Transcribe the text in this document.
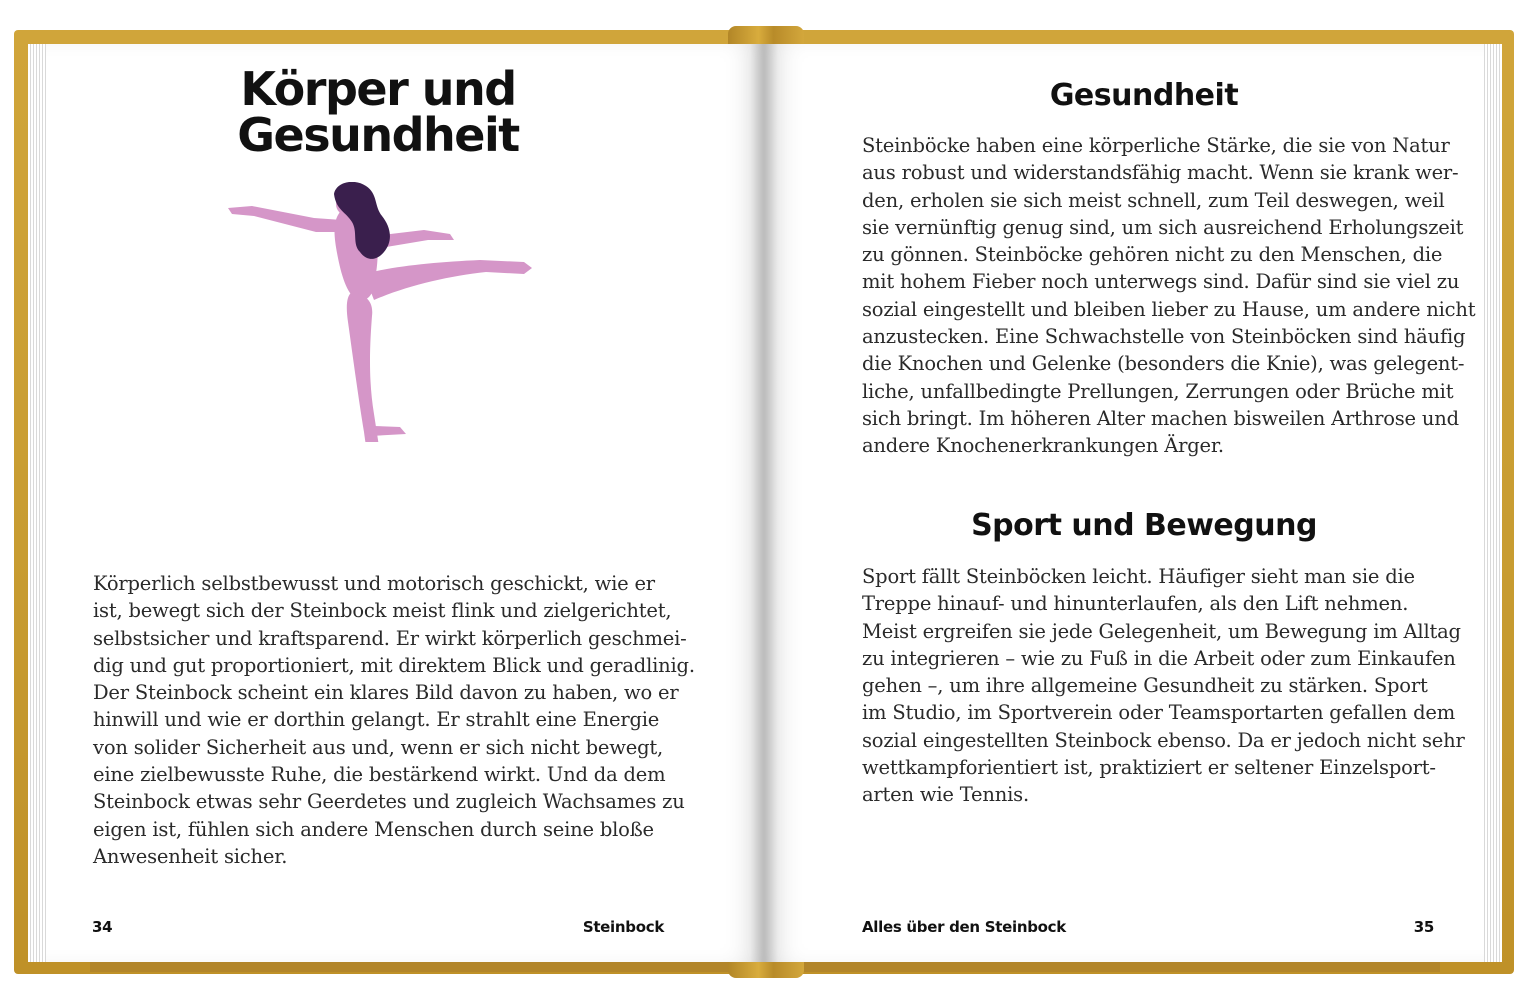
Körper und
Gesundheit

Körperlich selbstbewusst und motorisch geschickt, wie er
ist, bewegt sich der Steinbock meist flink und zielgerichtet,
selbstsicher und kraftsparend. Er wirkt körperlich geschmei-
dig und gut proportioniert, mit direktem Blick und geradlinig.
Der Steinbock scheint ein klares Bild davon zu haben, wo er
hinwill und wie er dorthin gelangt. Er strahlt eine Energie
von solider Sicherheit aus und, wenn er sich nicht bewegt,
eine zielbewusste Ruhe, die bestärkend wirkt. Und da dem
Steinbock etwas sehr Geerdetes und zugleich Wachsames zu
eigen ist, fühlen sich andere Menschen durch seine bloße
Anwesenheit sicher.

34	Steinbock
Gesundheit

Steinböcke haben eine körperliche Stärke, die sie von Natur
aus robust und widerstandsfähig macht. Wenn sie krank wer-
den, erholen sie sich meist schnell, zum Teil deswegen, weil
sie vernünftig genug sind, um sich ausreichend Erholungszeit
zu gönnen. Steinböcke gehören nicht zu den Menschen, die
mit hohem Fieber noch unterwegs sind. Dafür sind sie viel zu
sozial eingestellt und bleiben lieber zu Hause, um andere nicht
anzustecken. Eine Schwachstelle von Steinböcken sind häufig
die Knochen und Gelenke (besonders die Knie), was gelegent-
liche, unfallbedingte Prellungen, Zerrungen oder Brüche mit
sich bringt. Im höheren Alter machen bisweilen Arthrose und
andere Knochenerkrankungen Ärger.

Sport und Bewegung

Sport fällt Steinböcken leicht. Häufiger sieht man sie die
Treppe hinauf- und hinunterlaufen, als den Lift nehmen.
Meist ergreifen sie jede Gelegenheit, um Bewegung im Alltag
zu integrieren – wie zu Fuß in die Arbeit oder zum Einkaufen
gehen –, um ihre allgemeine Gesundheit zu stärken. Sport
im Studio, im Sportverein oder Teamsportarten gefallen dem
sozial eingestellten Steinbock ebenso. Da er jedoch nicht sehr
wettkampforientiert ist, praktiziert er seltener Einzelsport-
arten wie Tennis.

Alles über den Steinbock	35
